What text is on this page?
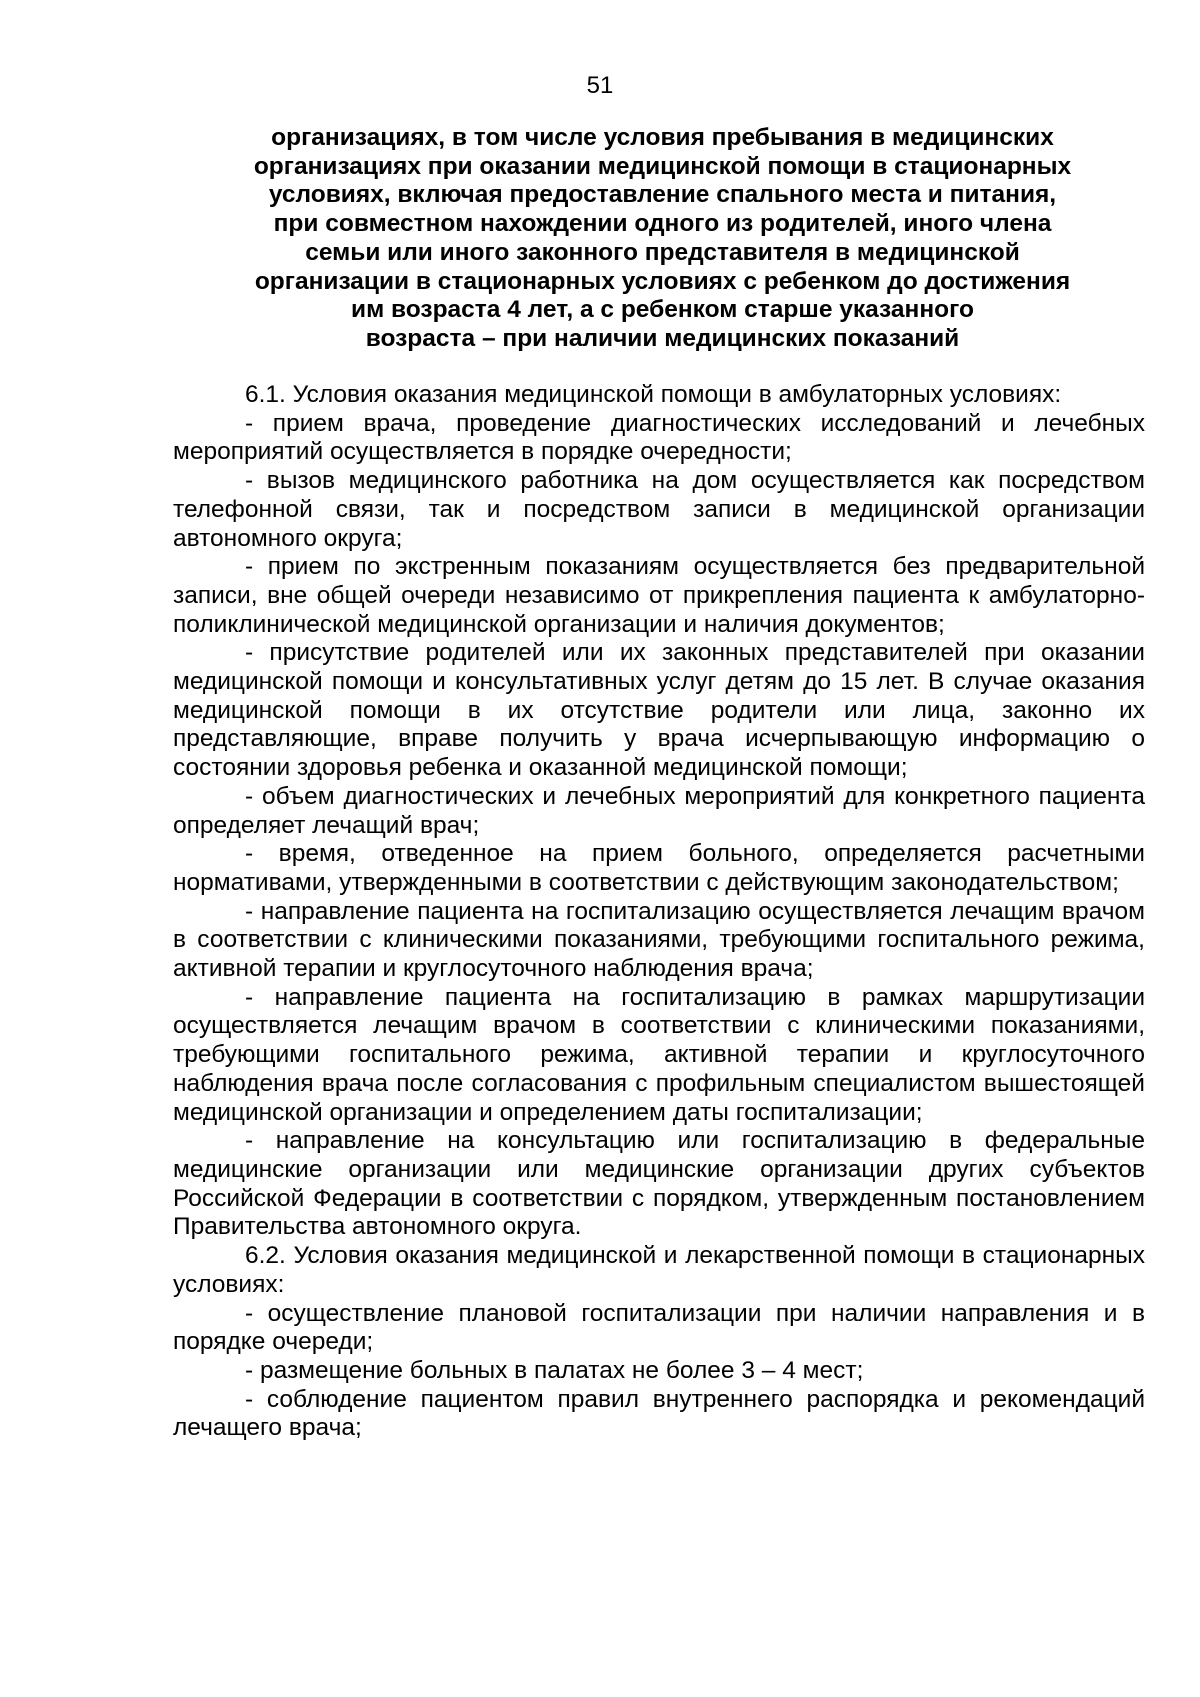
51
организациях, в том числе условия пребывания в медицинских
организациях при оказании медицинской помощи в стационарных
условиях, включая предоставление спального места и питания,
при совместном нахождении одного из родителей, иного члена
семьи или иного законного представителя в медицинской
организации в стационарных условиях с ребенком до достижения
им возраста 4 лет, а с ребенком старше указанного
возраста – при наличии медицинских показаний

6.1. Условия оказания медицинской помощи в амбулаторных условиях:

- прием врача, проведение диагностических исследований и лечебных мероприятий осуществляется в порядке очередности;

- вызов медицинского работника на дом осуществляется как посредством телефонной связи, так и посредством записи в медицинской организации автономного округа;

- прием по экстренным показаниям осуществляется без предварительной записи, вне общей очереди независимо от прикрепления пациента к амбулаторно-поликлинической медицинской организации и наличия документов;

- присутствие родителей или их законных представителей при оказании медицинской помощи и консультативных услуг детям до 15 лет. В случае оказания медицинской помощи в их отсутствие родители или лица, законно их представляющие, вправе получить у врача исчерпывающую информацию о состоянии здоровья ребенка и оказанной медицинской помощи;

- объем диагностических и лечебных мероприятий для конкретного пациента определяет лечащий врач;

- время, отведенное на прием больного, определяется расчетными нормативами, утвержденными в соответствии с действующим законодательством;

- направление пациента на госпитализацию осуществляется лечащим врачом в соответствии с клиническими показаниями, требующими госпитального режима, активной терапии и круглосуточного наблюдения врача;

- направление пациента на госпитализацию в рамках маршрутизации осуществляется лечащим врачом в соответствии с клиническими показаниями, требующими госпитального режима, активной терапии и круглосуточного наблюдения врача после согласования с профильным специалистом вышестоящей медицинской организации и определением даты госпитализации;

- направление на консультацию или госпитализацию в федеральные медицинские организации или медицинские организации других субъектов Российской Федерации в соответствии с порядком, утвержденным постановлением Правительства автономного округа.

6.2. Условия оказания медицинской и лекарственной помощи в стационарных условиях:

- осуществление плановой госпитализации при наличии направления и в порядке очереди;

- размещение больных в палатах не более 3 – 4 мест;

- соблюдение пациентом правил внутреннего распорядка и рекомендаций лечащего врача;
